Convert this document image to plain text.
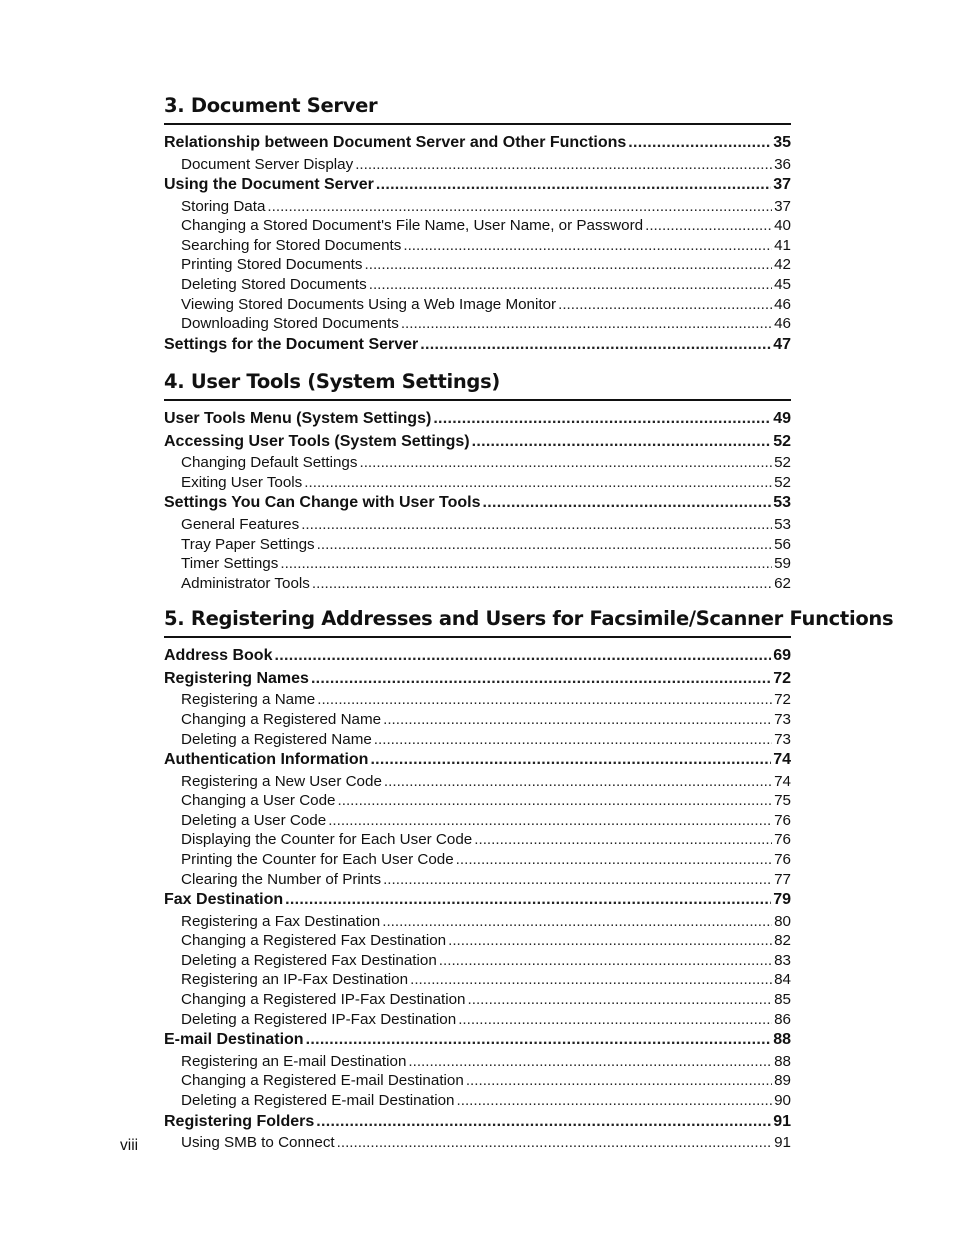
3. Document Server
Relationship between Document Server and Other Functions .....	35
Document Server Display .....	36
Using the Document Server .....	37
Storing Data .....	37
Changing a Stored Document's File Name, User Name, or Password .....	40
Searching for Stored Documents .....	41
Printing Stored Documents .....	42
Deleting Stored Documents .....	45
Viewing Stored Documents Using a Web Image Monitor .....	46
Downloading Stored Documents .....	46
Settings for the Document Server .....	47
4. User Tools (System Settings)
User Tools Menu (System Settings) .....	49
Accessing User Tools (System Settings) .....	52
Changing Default Settings .....	52
Exiting User Tools .....	52
Settings You Can Change with User Tools .....	53
General Features .....	53
Tray Paper Settings .....	56
Timer Settings .....	59
Administrator Tools .....	62
5. Registering Addresses and Users for Facsimile/Scanner Functions
Address Book .....	69
Registering Names .....	72
Registering a Name .....	72
Changing a Registered Name .....	73
Deleting a Registered Name .....	73
Authentication Information .....	74
Registering a New User Code .....	74
Changing a User Code .....	75
Deleting a User Code .....	76
Displaying the Counter for Each User Code .....	76
Printing the Counter for Each User Code .....	76
Clearing the Number of Prints .....	77
Fax Destination .....	79
Registering a Fax Destination .....	80
Changing a Registered Fax Destination .....	82
Deleting a Registered Fax Destination .....	83
Registering an IP-Fax Destination .....	84
Changing a Registered IP-Fax Destination .....	85
Deleting a Registered IP-Fax Destination .....	86
E-mail Destination .....	88
Registering an E-mail Destination .....	88
Changing a Registered E-mail Destination .....	89
Deleting a Registered E-mail Destination .....	90
Registering Folders .....	91
Using SMB to Connect .....	91
viii
